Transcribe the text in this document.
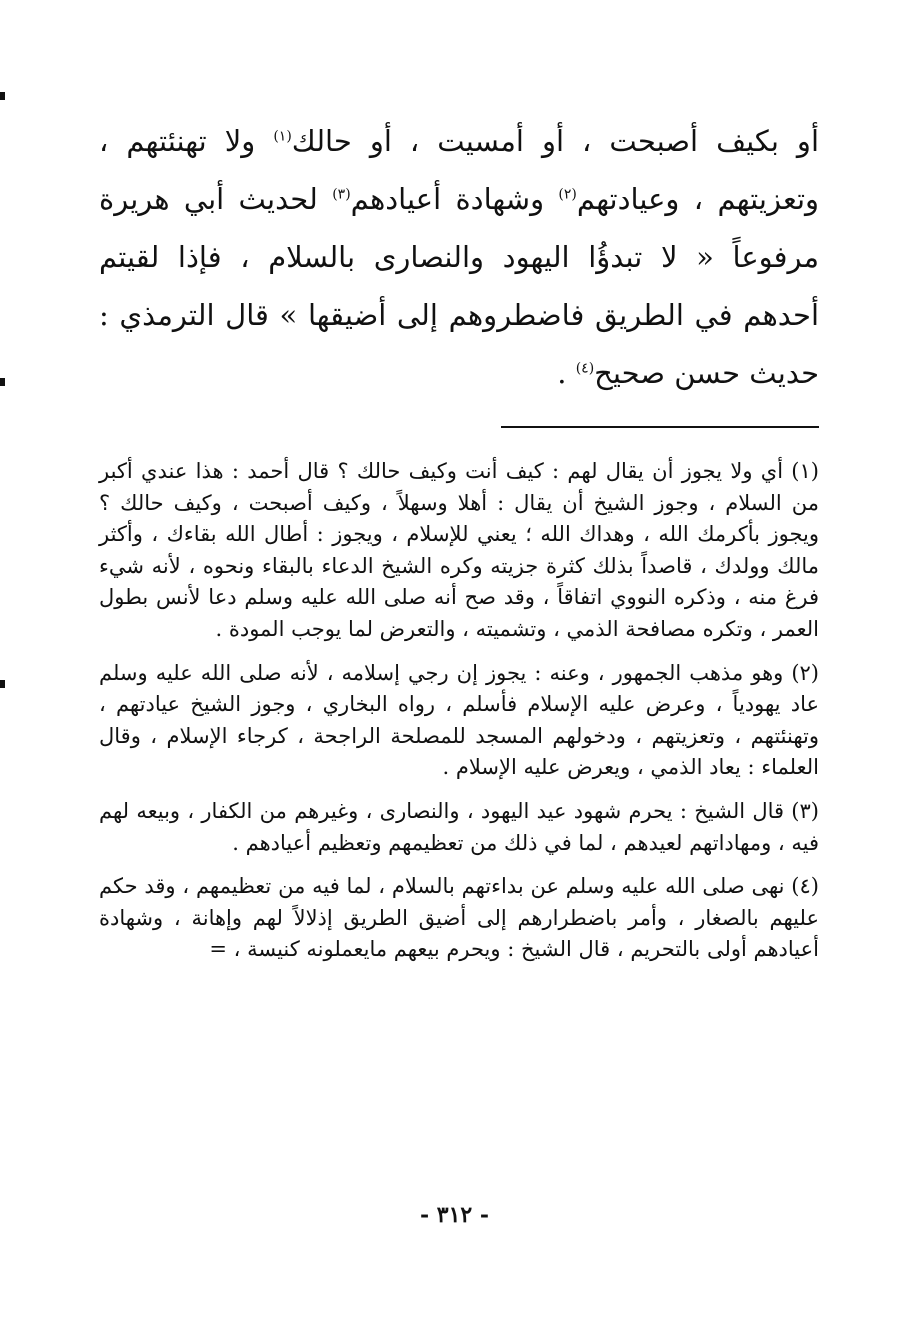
أو بكيف أصبحت ، أو أمسيت ، أو حالك$^{(١)}$ ولا تهنئتهم ، وتعزيتهم ، وعيادتهم$^{(٢)}$ وشهادة أعيادهم$^{(٣)}$ لحديث أبي هريرة مرفوعاً « لا تبدؤُا اليهود والنصارى بالسلام ، فإذا لقيتم أحدهم في الطريق فاضطروهم إلى أضيقها » قال الترمذي : حديث حسن صحيح$^{(٤)}$ .

(١) أي ولا يجوز أن يقال لهم : كيف أنت وكيف حالك ؟ قال أحمد : هذا عندي أكبر من السلام ، وجوز الشيخ أن يقال : أهلا وسهلاً ، وكيف أصبحت ، وكيف حالك ؟ ويجوز بأكرمك الله ، وهداك الله ؛ يعني للإسلام ، ويجوز : أطال الله بقاءك ، وأكثر مالك وولدك ، قاصداً بذلك كثرة جزيته وكره الشيخ الدعاء بالبقاء ونحوه ، لأنه شيء فرغ منه ، وذكره النووي اتفاقاً ، وقد صح أنه صلى الله عليه وسلم دعا لأنس بطول العمر ، وتكره مصافحة الذمي ، وتشميته ، والتعرض لما يوجب المودة .

(٢) وهو مذهب الجمهور ، وعنه : يجوز إن رجي إسلامه ، لأنه صلى الله عليه وسلم عاد يهودياً ، وعرض عليه الإسلام فأسلم ، رواه البخاري ، وجوز الشيخ عيادتهم ، وتهنئتهم ، وتعزيتهم ، ودخولهم المسجد للمصلحة الراجحة ، كرجاء الإسلام ، وقال العلماء : يعاد الذمي ، ويعرض عليه الإسلام .

(٣) قال الشيخ : يحرم شهود عيد اليهود ، والنصارى ، وغيرهم من الكفار ، وبيعه لهم فيه ، ومهاداتهم لعيدهم ، لما في ذلك من تعظيمهم وتعظيم أعيادهم .

(٤) نهى صلى الله عليه وسلم عن بداءتهم بالسلام ، لما فيه من تعظيمهم ، وقد حكم عليهم بالصغار ، وأمر باضطرارهم إلى أضيق الطريق إذلالاً لهم وإهانة ، وشهادة أعيادهم أولى بالتحريم ، قال الشيخ : ويحرم بيعهم مايعملونه كنيسة ، =

- ٣١٢ -
